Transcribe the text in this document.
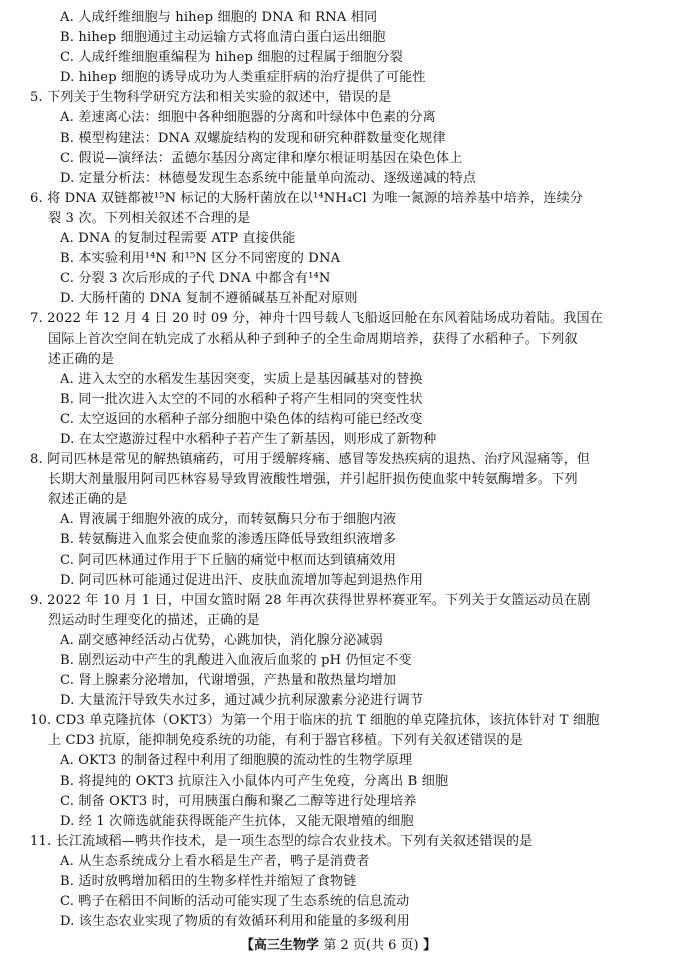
A. 人成纤维细胞与 hihep 细胞的 DNA 和 RNA 相同
B. hihep 细胞通过主动运输方式将血清白蛋白运出细胞
C. 人成纤维细胞重编程为 hihep 细胞的过程属于细胞分裂
D. hihep 细胞的诱导成功为人类重症肝病的治疗提供了可能性
5. 下列关于生物科学研究方法和相关实验的叙述中，错误的是
A. 差速离心法：细胞中各种细胞器的分离和叶绿体中色素的分离
B. 模型构建法：DNA 双螺旋结构的发现和研究种群数量变化规律
C. 假说—演绎法：孟德尔基因分离定律和摩尔根证明基因在染色体上
D. 定量分析法：林德曼发现生态系统中能量单向流动、逐级递减的特点
6. 将 DNA 双链都被¹⁵N 标记的大肠杆菌放在以¹⁴NH₄Cl 为唯一氮源的培养基中培养，连续分
裂 3 次。下列相关叙述不合理的是
A. DNA 的复制过程需要 ATP 直接供能
B. 本实验利用¹⁴N 和¹⁵N 区分不同密度的 DNA
C. 分裂 3 次后形成的子代 DNA 中都含有¹⁴N
D. 大肠杆菌的 DNA 复制不遵循碱基互补配对原则
7. 2022 年 12 月 4 日 20 时 09 分，神舟十四号载人飞船返回舱在东风着陆场成功着陆。我国在
国际上首次空间在轨完成了水稻从种子到种子的全生命周期培养，获得了水稻种子。下列叙
述正确的是
A. 进入太空的水稻发生基因突变，实质上是基因碱基对的替换
B. 同一批次进入太空的不同的水稻种子将产生相同的突变性状
C. 太空返回的水稻种子部分细胞中染色体的结构可能已经改变
D. 在太空遨游过程中水稻种子若产生了新基因，则形成了新物种
8. 阿司匹林是常见的解热镇痛药，可用于缓解疼痛、感冒等发热疾病的退热、治疗风湿痛等，但
长期大剂量服用阿司匹林容易导致胃液酸性增强，并引起肝损伤使血浆中转氨酶增多。下列
叙述正确的是
A. 胃液属于细胞外液的成分，而转氨酶只分布于细胞内液
B. 转氨酶进入血浆会使血浆的渗透压降低导致组织液增多
C. 阿司匹林通过作用于下丘脑的痛觉中枢而达到镇痛效用
D. 阿司匹林可能通过促进出汗、皮肤血流增加等起到退热作用
9. 2022 年 10 月 1 日，中国女篮时隔 28 年再次获得世界杯赛亚军。下列关于女篮运动员在剧
烈运动时生理变化的描述，正确的是
A. 副交感神经活动占优势，心跳加快，消化腺分泌减弱
B. 剧烈运动中产生的乳酸进入血液后血浆的 pH 仍恒定不变
C. 肾上腺素分泌增加，代谢增强，产热量和散热量均增加
D. 大量流汗导致失水过多，通过减少抗利尿激素分泌进行调节
10. CD3 单克隆抗体（OKT3）为第一个用于临床的抗 T 细胞的单克隆抗体，该抗体针对 T 细胞
上 CD3 抗原，能抑制免疫系统的功能，有利于器官移植。下列有关叙述错误的是
A. OKT3 的制备过程中利用了细胞膜的流动性的生物学原理
B. 将提纯的 OKT3 抗原注入小鼠体内可产生免疫，分离出 B 细胞
C. 制备 OKT3 时，可用胰蛋白酶和聚乙二醇等进行处理培养
D. 经 1 次筛选就能获得既能产生抗体，又能无限增殖的细胞
11. 长江流域稻—鸭共作技术，是一项生态型的综合农业技术。下列有关叙述错误的是
A. 从生态系统成分上看水稻是生产者，鸭子是消费者
B. 适时放鸭增加稻田的生物多样性并缩短了食物链
C. 鸭子在稻田不间断的活动可能实现了生态系统的信息流动
D. 该生态农业实现了物质的有效循环利用和能量的多级利用
【高三生物学 第 2 页(共 6 页) 】
